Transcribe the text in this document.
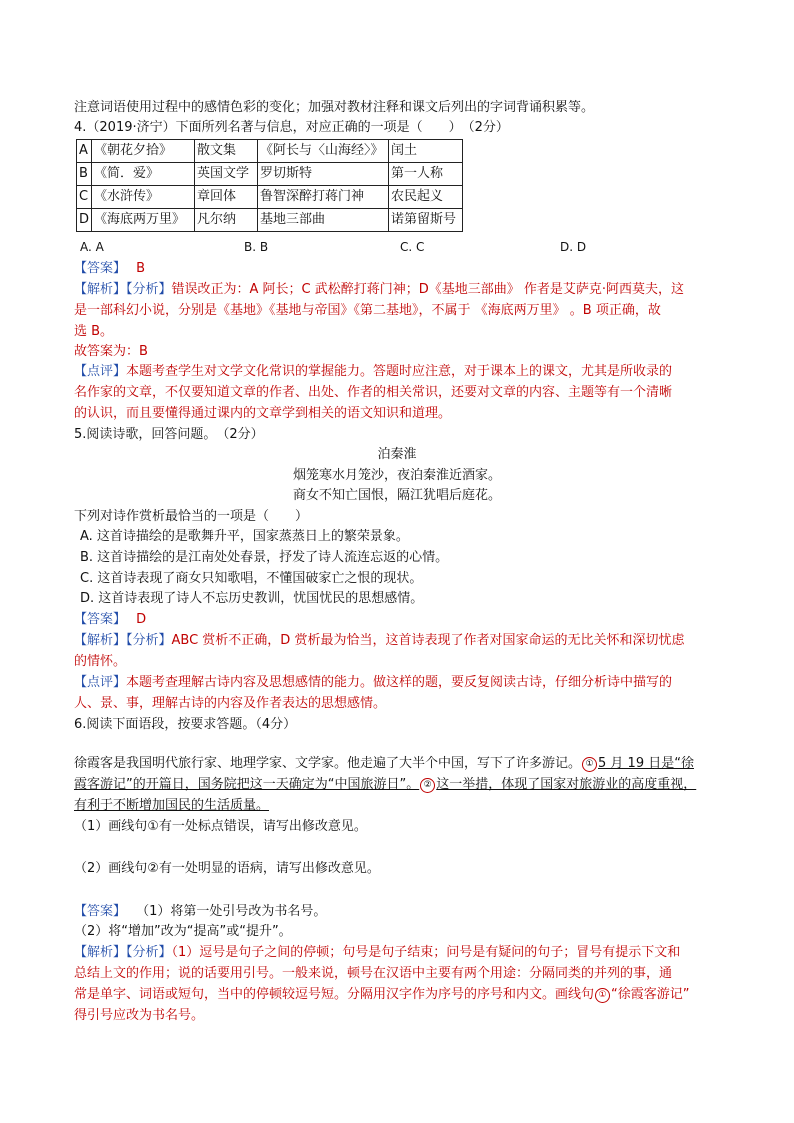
注意词语使用过程中的感情色彩的变化；加强对教材注释和课文后列出的字词背诵积累等。
4.（2019·济宁）下面所列名著与信息，对应正确的一项是（　　）　（2分）
A	《朝花夕拾》	散文集	《阿长与〈山海经〉》	闰土
B	《简．爱》	英国文学	罗切斯特	第一人称
C	《水浒传》	章回体	鲁智深醉打蒋门神	农民起义
D	《海底两万里》	凡尔纳	基地三部曲	诺第留斯号
A. A	B. B	C. C	D. D
【答案】 B
【解析】【分析】错误改正为：A 阿长；C 武松醉打蒋门神；D《基地三部曲》 作者是艾萨克·阿西莫夫，这
是一部科幻小说，分别是《基地》《基地与帝国》《第二基地》，不属于 《海底两万里》 。B 项正确，故
选 B。
故答案为：B
【点评】本题考查学生对文学文化常识的掌握能力。答题时应注意，对于课本上的课文，尤其是所收录的
名作家的文章，不仅要知道文章的作者、出处、作者的相关常识，还要对文章的内容、主题等有一个清晰
的认识，而且要懂得通过课内的文章学到相关的语文知识和道理。
5.阅读诗歌，回答问题。　（2分）
泊秦淮
烟笼寒水月笼沙，夜泊秦淮近酒家。
商女不知亡国恨，隔江犹唱后庭花。
下列对诗作赏析最恰当的一项是（　　）
A. 这首诗描绘的是歌舞升平，国家蒸蒸日上的繁荣景象。
B. 这首诗描绘的是江南处处春景，抒发了诗人流连忘返的心情。
C. 这首诗表现了商女只知歌唱，不懂国破家亡之恨的现状。
D. 这首诗表现了诗人不忘历史教训，忧国忧民的思想感情。
【答案】 D
【解析】【分析】ABC 赏析不正确，D 赏析最为恰当，这首诗表现了作者对国家命运的无比关怀和深切忧虑
的情怀。
【点评】本题考查理解古诗内容及思想感情的能力。做这样的题，要反复阅读古诗，仔细分析诗中描写的
人、景、事，理解古诗的内容及作者表达的思想感情。
6.阅读下面语段，按要求答题。（4分）
徐霞客是我国明代旅行家、地理学家、文学家。他走遍了大半个中国，写下了许多游记。 ① 5 月 19 日是“徐
霞客游记”的开篇日，国务院把这一天确定为“中国旅游日”。 ② 这一举措，体现了国家对旅游业的高度重视，
有利于不断增加国民的生活质量。
（1）画线句①有一处标点错误，请写出修改意见。
（2）画线句②有一处明显的语病，请写出修改意见。
【答案】 （1）将第一处引号改为书名号。
（2）将“增加”改为“提高”或“提升”。
【解析】【分析】（1）逗号是句子之间的停顿；句号是句子结束；问号是有疑问的句子；冒号有提示下文和
总结上文的作用；说的话要用引号。一般来说，顿号在汉语中主要有两个用途：分隔同类的并列的事，通
常是单字、词语或短句，当中的停顿较逗号短。分隔用汉字作为序号的序号和内文。画线句 ① “徐霞客游记”
得引号应改为书名号。
